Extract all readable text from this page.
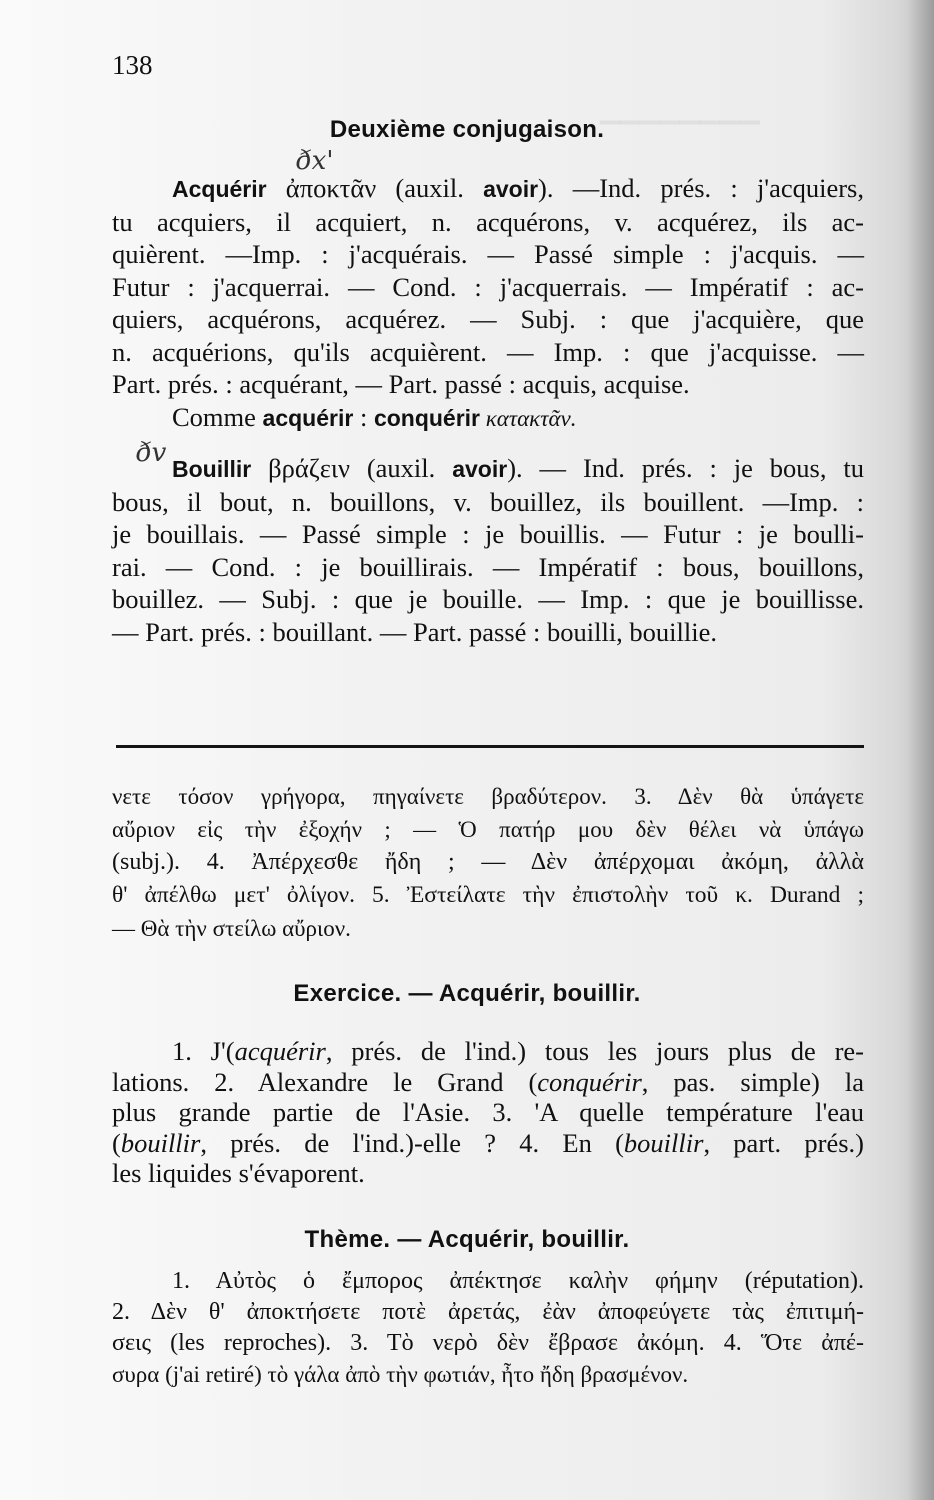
▁▁▁▁▁▁▁▁
138
Deuxième conjugaison.
ðx'
Acquérir ἀποκτᾶν (auxil. avoir). —Ind. prés. : j'acquiers,
tu acquiers, il acquiert, n. acquérons, v. acquérez, ils ac-
quièrent. —Imp. : j'acquérais. — Passé simple : j'acquis. —
Futur : j'acquerrai. — Cond. : j'acquerrais. — Impératif : ac-
quiers, acquérons, acquérez. — Subj. : que j'acquière, que
n. acquérions, qu'ils acquièrent. — Imp. : que j'acquisse. —
Part. prés. : acquérant, — Part. passé : acquis, acquise.
Comme acquérir : conquérir κατακτᾶν.
ðv
Bouillir βράζειν (auxil. avoir). — Ind. prés. : je bous, tu
bous, il bout, n. bouillons, v. bouillez, ils bouillent. —Imp. :
je bouillais. — Passé simple : je bouillis. — Futur : je boulli-
rai. — Cond. : je bouillirais. — Impératif : bous, bouillons,
bouillez. — Subj. : que je bouille. — Imp. : que je bouillisse.
— Part. prés. : bouillant. — Part. passé : bouilli, bouillie.
νετε τόσον γρήγορα, πηγαίνετε βραδύτερον. 3. Δὲν θὰ ὑπάγετε
αὔριον εἰς τὴν ἐξοχήν ; — Ὁ πατήρ μου δὲν θέλει νὰ ὑπάγω
(subj.). 4. Ἀπέρχεσθε ἤδη ; — Δὲν ἀπέρχομαι ἀκόμη, ἀλλὰ
θ' ἀπέλθω μετ' ὀλίγον. 5. Ἐστείλατε τὴν ἐπιστολὴν τοῦ κ. Durand ;
— Θὰ τὴν στείλω αὔριον.
Exercice. — Acquérir, bouillir.
1. J'(acquérir, prés. de l'ind.) tous les jours plus de re-
lations. 2. Alexandre le Grand (conquérir, pas. simple) la
plus grande partie de l'Asie. 3. 'A quelle température l'eau
(bouillir, prés. de l'ind.)-elle ? 4. En (bouillir, part. prés.)
les liquides s'évaporent.
Thème. — Acquérir, bouillir.
1. Αὐτὸς ὁ ἔμπορος ἀπέκτησε καλὴν φήμην (réputation).
2. Δὲν θ' ἀποκτήσετε ποτὲ ἀρετάς, ἐὰν ἀποφεύγετε τὰς ἐπιτιμή-
σεις (les reproches). 3. Τὸ νερὸ δὲν ἔβρασε ἀκόμη. 4. Ὅτε ἀπέ-
συρα (j'ai retiré) τὸ γάλα ἀπὸ τὴν φωτιάν, ἦτο ἤδη βρασμένον.
